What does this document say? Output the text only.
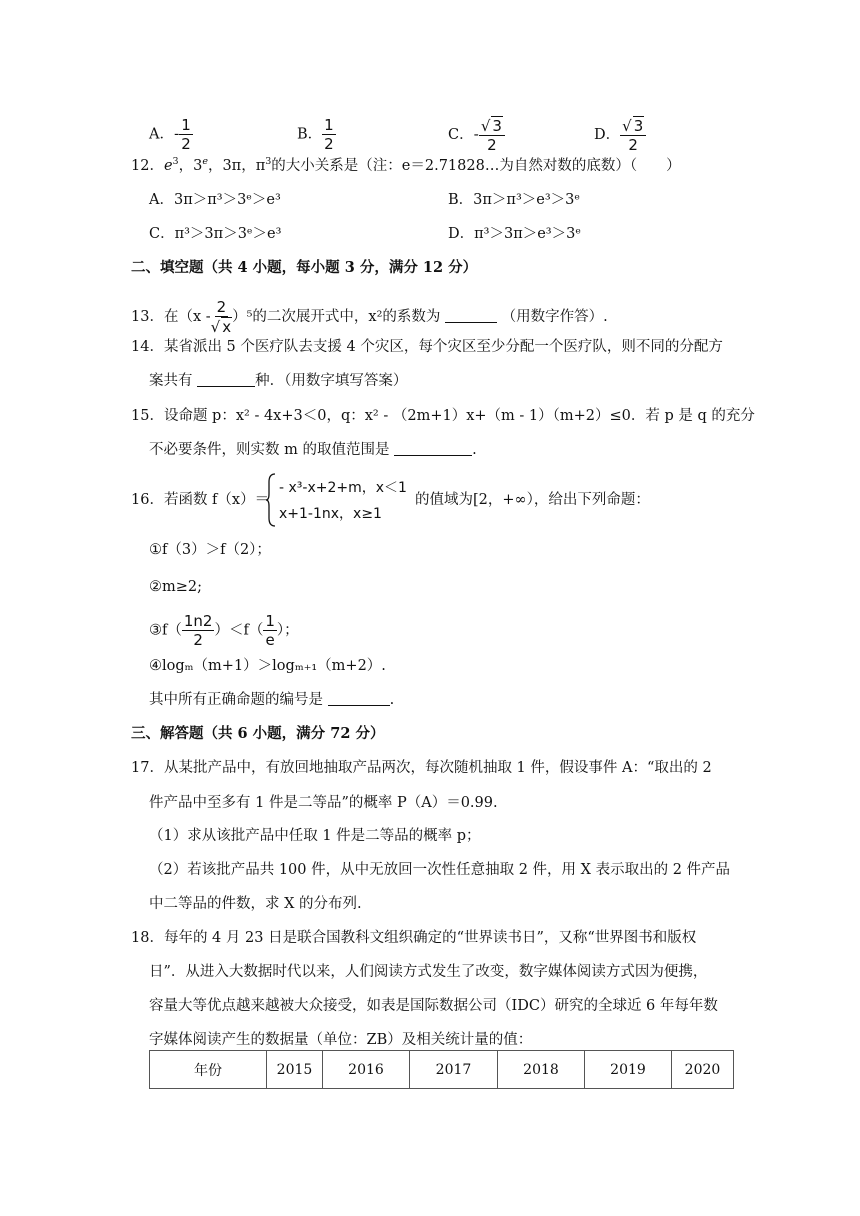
A．- $\frac{1}{2}$	B． $\frac{1}{2}$	C．- $\frac{√ 3}{2}$	D． $\frac{√ 3}{2}$
12．$e^3$，3e，3π，$\pi^3$的大小关系是（注：e＝2.71828…为自然对数的底数）（　　）
A．3π＞π³＞3ᵉ＞e³	B．3π＞π³＞e³＞3ᵉ
C．π³＞3π＞3ᵉ＞e³	D．π³＞3π＞e³＞3ᵉ
二、填空题（共 4 小题，每小题 3 分，满分 12 分）
13．在$(x - \frac{2}{√ x} )^5$的二次展开式中，x²的系数为	（用数字作答）.
14．某省派出 5 个医疗队去支援 4 个灾区，每个灾区至少分配一个医疗队，则不同的分配方
案共有	种．（用数字填写答案）
15．设命题 p：x² - 4x+3＜0，q：x² - （2m+1）x+（m - 1）（m+2）≤0．若 p 是 q 的充分
不必要条件，则实数 m 的取值范围是	.
16．若函数 f（x）＝
- x³-x+2+m，x＜1
x+1-1nx，x≥1
的值域为[2，+∞），给出下列命题：
①f（3）＞f（2）；
②m≥2;
③f（ $\frac{1n2}{2} )<f( \frac{1}{e}$ ）；
④logₘ（m+1）＞logₘ₊₁（m+2）.
其中所有正确命题的编号是	.
三、解答题（共 6 小题，满分 72 分）
17．从某批产品中，有放回地抽取产品两次，每次随机抽取 1 件，假设事件 A：“取出的 2
件产品中至多有 1 件是二等品”的概率 P（A）＝0.99.
（1）求从该批产品中任取 1 件是二等品的概率 p；
（2）若该批产品共 100 件，从中无放回一次性任意抽取 2 件，用 X 表示取出的 2 件产品
中二等品的件数，求 X 的分布列.
18．每年的 4 月 23 日是联合国教科文组织确定的“世界读书日”，又称“世界图书和版权
日”．从进入大数据时代以来，人们阅读方式发生了改变，数字媒体阅读方式因为便携，
容量大等优点越来越被大众接受，如表是国际数据公司（IDC）研究的全球近 6 年每年数
字媒体阅读产生的数据量（单位：ZB）及相关统计量的值：
年份	2015	2016	2017	2018	2019	2020
